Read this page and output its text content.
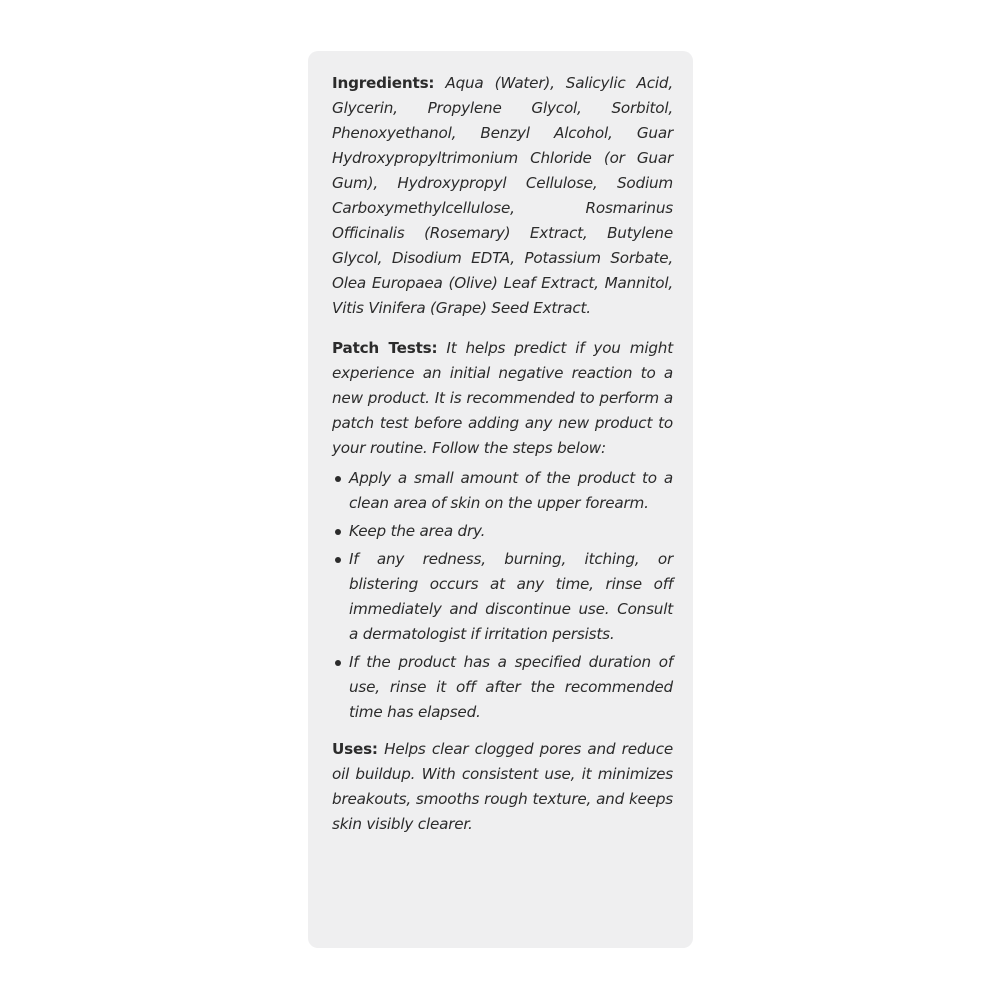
Ingredients: Aqua (Water), Salicylic Acid, Glycerin, Propylene Glycol, Sorbitol, Phenoxyethanol, Benzyl Alcohol, Guar Hydroxypropyltrimonium Chloride (or Guar Gum), Hydroxypropyl Cellulose, Sodium Carboxymethylcellulose, Rosmarinus Officinalis (Rosemary) Extract, Butylene Glycol, Disodium EDTA, Potassium Sorbate, Olea Europaea (Olive) Leaf Extract, Mannitol, Vitis Vinifera (Grape) Seed Extract.

Patch Tests: It helps predict if you might experience an initial negative reaction to a new product. It is recommended to perform a patch test before adding any new product to your routine. Follow the steps below:

Apply a small amount of the product to a clean area of skin on the upper forearm.
Keep the area dry.
If any redness, burning, itching, or blistering occurs at any time, rinse off immediately and discontinue use. Consult a dermatologist if irritation persists.
If the product has a specified duration of use, rinse it off after the recommended time has elapsed.

Uses: Helps clear clogged pores and reduce oil buildup. With consistent use, it minimizes breakouts, smooths rough texture, and keeps skin visibly clearer.
